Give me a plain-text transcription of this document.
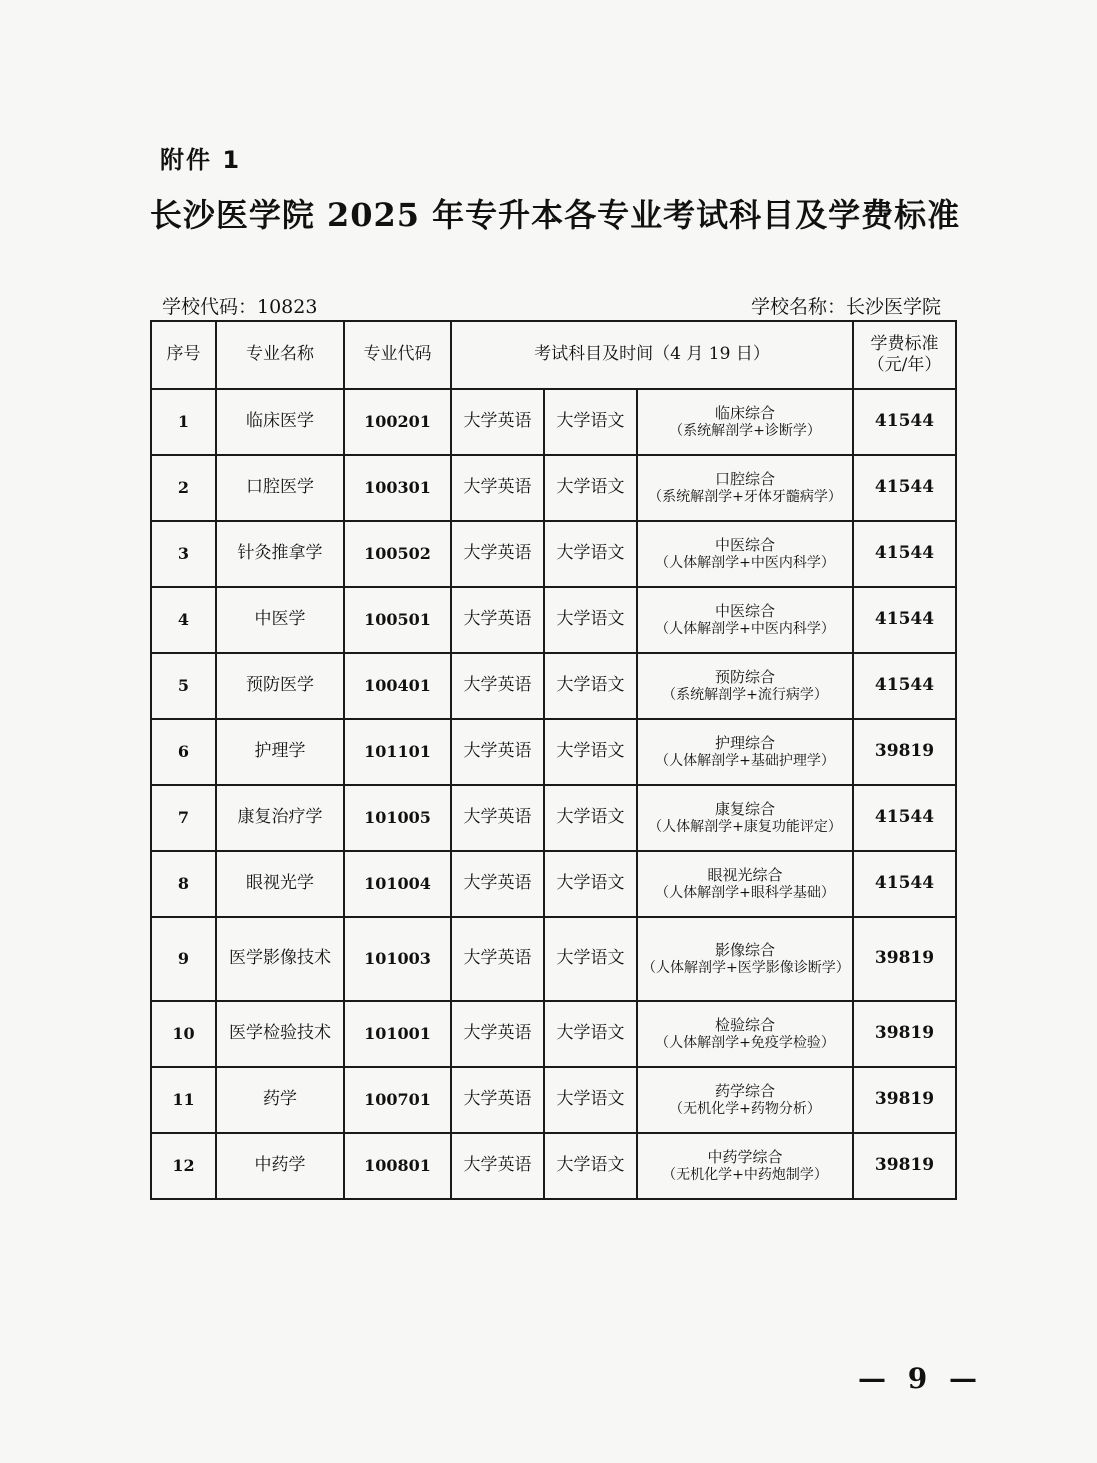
附件 1
长沙医学院 2025 年专升本各专业考试科目及学费标准
学校代码：10823	学校名称：长沙医学院
序号	专业名称	专业代码	考试科目及时间（4 月 19 日）			学费标准
（元/年）

1	临床医学	100201	大学英语	大学语文	临床综合
（系统解剖学+诊断学）	41544
2	口腔医学	100301	大学英语	大学语文	口腔综合
（系统解剖学+牙体牙髓病学）	41544
3	针灸推拿学	100502	大学英语	大学语文	中医综合
（人体解剖学+中医内科学）	41544
4	中医学	100501	大学英语	大学语文	中医综合
（人体解剖学+中医内科学）	41544
5	预防医学	100401	大学英语	大学语文	预防综合
（系统解剖学+流行病学）	41544
6	护理学	101101	大学英语	大学语文	护理综合
（人体解剖学+基础护理学）	39819
7	康复治疗学	101005	大学英语	大学语文	康复综合
（人体解剖学+康复功能评定）	41544
8	眼视光学	101004	大学英语	大学语文	眼视光综合
（人体解剖学+眼科学基础）	41544
9	医学影像技术	101003	大学英语	大学语文	影像综合
（人体解剖学+医学影像诊断学）	39819
10	医学检验技术	101001	大学英语	大学语文	检验综合
（人体解剖学+免疫学检验）	39819
11	药学	100701	大学英语	大学语文	药学综合
（无机化学+药物分析）	39819
12	中药学	100801	大学英语	大学语文	中药学综合
（无机化学+中药炮制学）	39819
— 9 —
